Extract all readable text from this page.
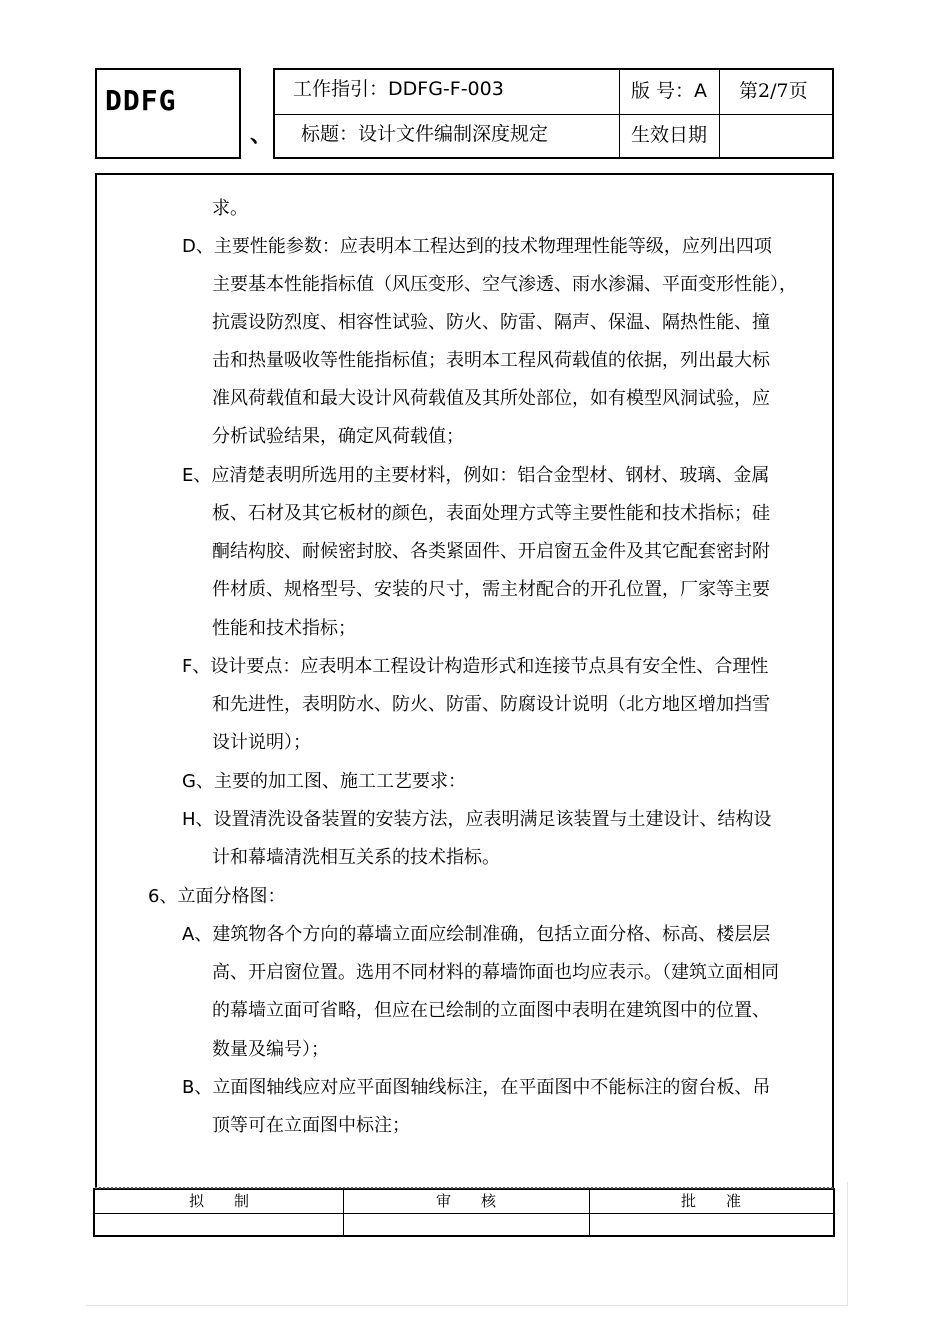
DDFG
、
工作指引：DDFG-F-003	版 号：A 第2/7页
标题：设计文件编制深度规定	生效日期
求。
D、主要性能参数：应表明本工程达到的技术物理理性能等级，应列出四项
主要基本性能指标值（风压变形、空气渗透、雨水渗漏、平面变形性能），
抗震设防烈度、相容性试验、防火、防雷、隔声、保温、隔热性能、撞
击和热量吸收等性能指标值；表明本工程风荷载值的依据，列出最大标
准风荷载值和最大设计风荷载值及其所处部位，如有模型风洞试验，应
分析试验结果，确定风荷载值；
E、应清楚表明所选用的主要材料，例如：铝合金型材、钢材、玻璃、金属
板、石材及其它板材的颜色，表面处理方式等主要性能和技术指标；硅
酮结构胶、耐候密封胶、各类紧固件、开启窗五金件及其它配套密封附
件材质、规格型号、安装的尺寸，需主材配合的开孔位置，厂家等主要
性能和技术指标；
F、设计要点：应表明本工程设计构造形式和连接节点具有安全性、合理性
和先进性，表明防水、防火、防雷、防腐设计说明（北方地区增加挡雪
设计说明）；
G、主要的加工图、施工工艺要求：
H、设置清洗设备装置的安装方法，应表明满足该装置与土建设计、结构设
计和幕墙清洗相互关系的技术指标。
6、立面分格图：
A、建筑物各个方向的幕墙立面应绘制准确，包括立面分格、标高、楼层层
高、开启窗位置。选用不同材料的幕墙饰面也均应表示。（建筑立面相同
的幕墙立面可省略，但应在已绘制的立面图中表明在建筑图中的位置、
数量及编号）；
B、立面图轴线应对应平面图轴线标注，在平面图中不能标注的窗台板、吊
顶等可在立面图中标注；
拟制	审核	批准
